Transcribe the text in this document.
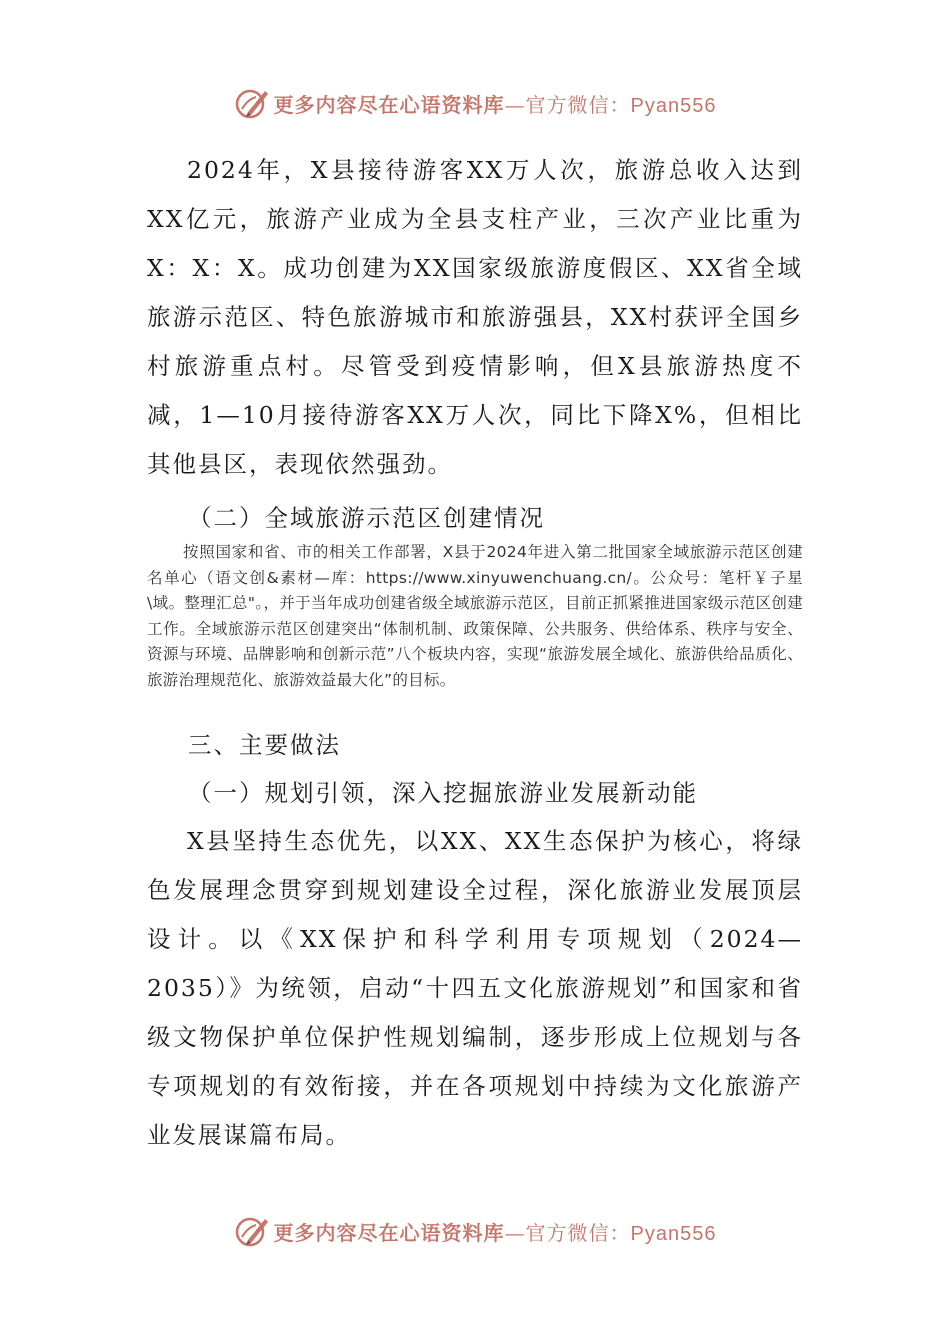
更多内容尽在心语资料库—官方微信：Pyan556

2024年，X县接待游客XX万人次，旅游总收入达到XX亿元，旅游产业成为全县支柱产业，三次产业比重为X：X：X。成功创建为XX国家级旅游度假区、XX省全域旅游示范区、特色旅游城市和旅游强县，XX村获评全国乡村旅游重点村。尽管受到疫情影响，但X县旅游热度不减，1—10月接待游客XX万人次，同比下降X%，但相比其他县区，表现依然强劲。

（二）全域旅游示范区创建情况

按照国家和省、市的相关工作部署，X县于2024年进入第二批国家全域旅游示范区创建名单心（语文创&素材—库：https://www.xinyuwenchuang.cn/。公众号：笔杆￥子星\域。整理汇总"。，并于当年成功创建省级全域旅游示范区，目前正抓紧推进国家级示范区创建工作。全域旅游示范区创建突出“体制机制、政策保障、公共服务、供给体系、秩序与安全、资源与环境、品牌影响和创新示范”八个板块内容，实现“旅游发展全域化、旅游供给品质化、旅游治理规范化、旅游效益最大化”的目标。

三、主要做法

（一）规划引领，深入挖掘旅游业发展新动能

X县坚持生态优先，以XX、XX生态保护为核心，将绿色发展理念贯穿到规划建设全过程，深化旅游业发展顶层设计。以《XX保护和科学利用专项规划（2024—2035）》为统领，启动“十四五文化旅游规划”和国家和省级文物保护单位保护性规划编制，逐步形成上位规划与各专项规划的有效衔接，并在各项规划中持续为文化旅游产业发展谋篇布局。

更多内容尽在心语资料库—官方微信：Pyan556
